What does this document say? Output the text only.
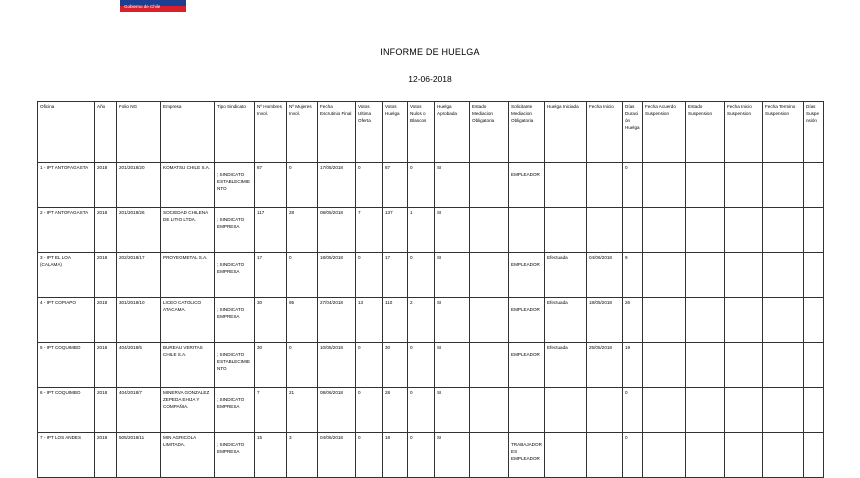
Gobierno de Chile
INFORME DE HUELGA
12-06-2018
Oficina	Año	Folio NG	Empresa	Tipo Sindicato	Nº Hombres Invol.	Nº Mujeres Invol.	Fecha Escrutinio Final	Votos Ultima Oferta	Votos Huelga	Votos Nulos o Blancos	Huelga Aprobada	Estado Mediacion Obligatoria	Solicitante Mediacion Obligatoria	Huelga Iniciada	Fecha Inicio	Días Duración Huelga	Fecha Acuerdo Suspension	Estado Suspension	Fecha Inicio Suspension	Fecha Termino Suspension	Días Suspensión
1 - IPT ANTOFAGASTA	2018	201/2018/20	KOMATSU CHILE S.A.	; SINDICATO ESTABLECIMIENTO	87	0	17/05/2018	0	87	0	SI		EMPLEADOR			0					
2 - IPT ANTOFAGASTA	2018	201/2018/26	SOCIEDAD CHILENA DE LITIO LTDA.	; SINDICATO EMPRESA	117	28	08/05/2018	7	137	1	SI										
3 - IPT EL LOA (CALAMA)	2018	202/2018/17	PROYEGMETAL S.A.	; SINDICATO EMPRESA	17	0	18/05/2018	0	17	0	SI		EMPLEADOR	Efectuada	04/06/2018	9					
4 - IPT COPIAPO	2018	301/2018/10	LICEO CATOLICO ATACAMA.	; SINDICATO EMPRESA	30	95	27/04/2018	13	110	2	SI		EMPLEADOR	Efectuada	18/05/2018	26					
5 - IPT COQUIMBO	2018	404/2018/5	BUREAU VERITAS CHILE S.A.	; SINDICATO ESTABLECIMIENTO	30	0	10/05/2018	0	30	0	SI		EMPLEADOR	Efectuada	25/05/2018	19					
6 - IPT COQUIMBO	2018	404/2018/7	MINERVA GONZALEZ ZEPEDA EHIJA Y COMPAÑIA.	; SINDICATO EMPRESA	7	21	08/06/2018	0	28	0	SI					0					
7 - IPT LOS ANDES	2018	505/2018/11	MIN AGRICOLA LIMITADA.	; SINDICATO EMPRESA	15	3	04/06/2018	0	18	0	SI		TRABAJADORES EMPLEADOR			0					
